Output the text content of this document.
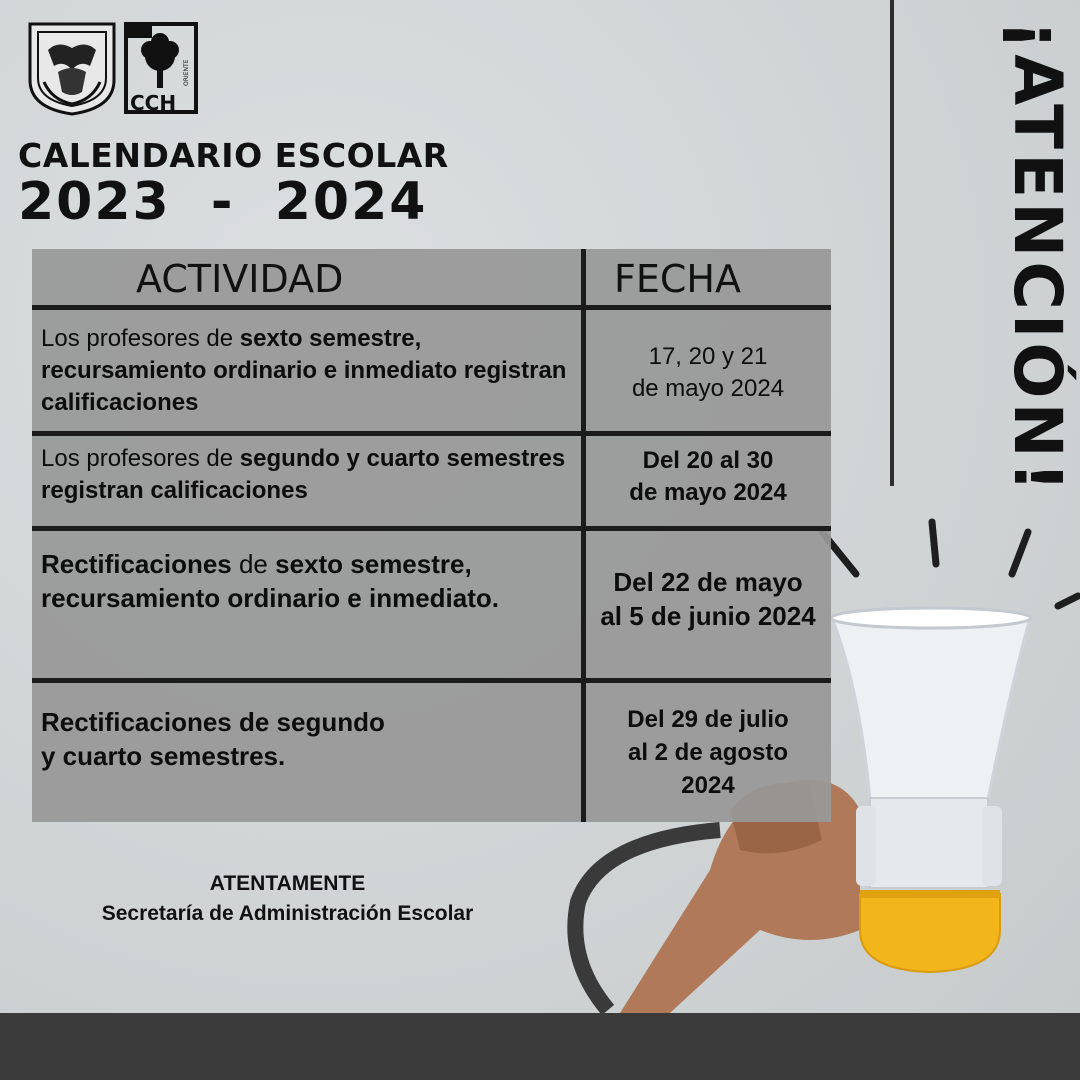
CCH
ORIENTE
CALENDARIO ESCOLAR
2023  -  2024	¡ATENCIÓN!
ACTIVIDAD	FECHA
Los profesores de sexto semestre, recursamiento ordinario e inmediato registran calificaciones
17, 20 y 21
de mayo 2024
Los profesores de segundo y cuarto semestres registran calificaciones
Del 20 al 30
de mayo 2024
Rectificaciones de sexto semestre, recursamiento ordinario e inmediato.
Del 22 de mayo
al 5 de junio 2024
Rectificaciones de segundo
y cuarto semestres.
Del 29 de julio
al 2 de agosto
2024
ATENTAMENTE
Secretaría de Administración Escolar
